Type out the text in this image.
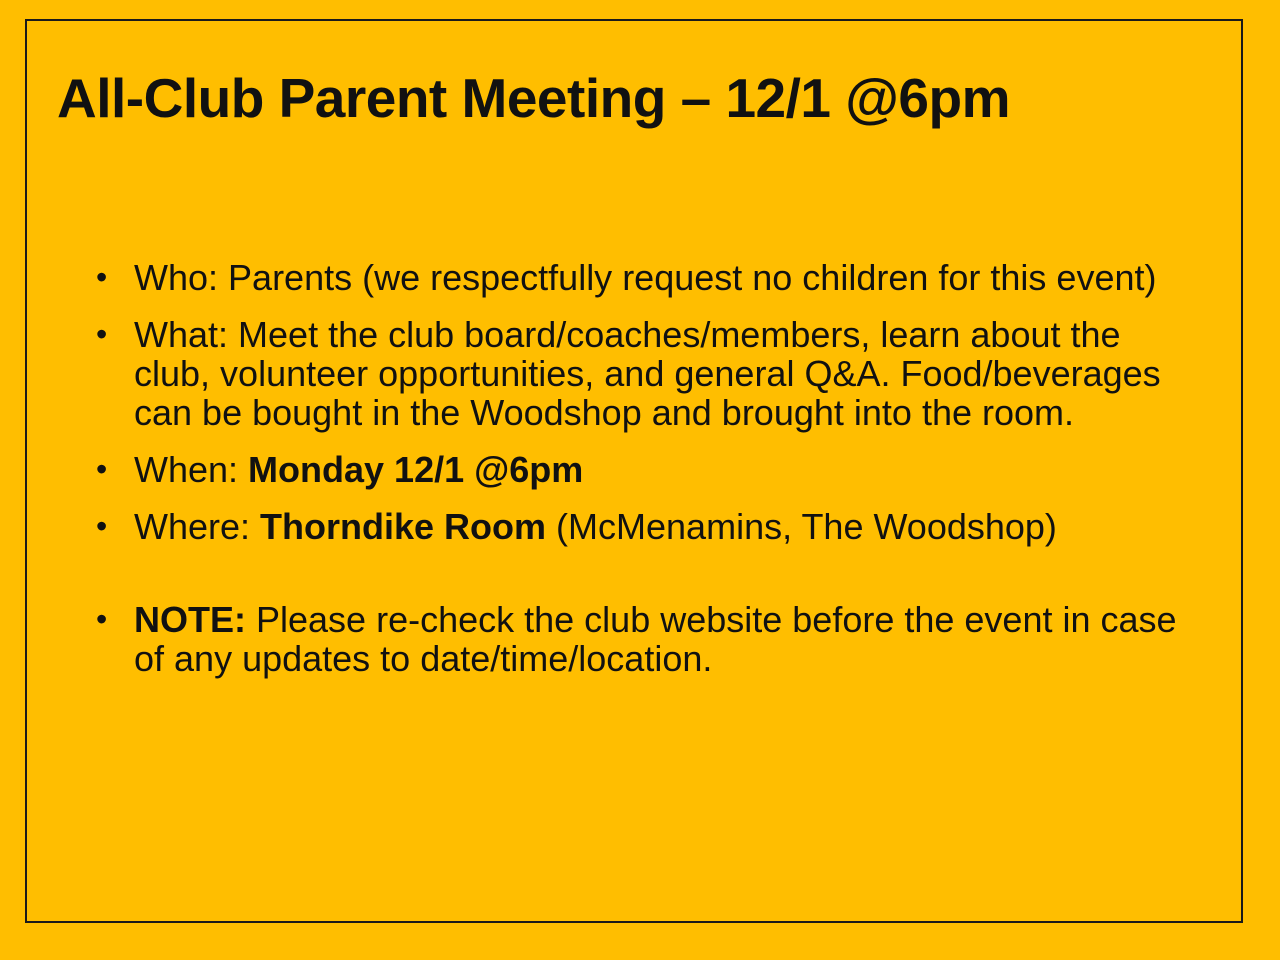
All-Club Parent Meeting – 12/1 @6pm
• Who: Parents (we respectfully request no children for this event)
• What: Meet the club board/coaches/members, learn about the club, volunteer opportunities, and general Q&A. Food/beverages can be bought in the Woodshop and brought into the room.
• When: Monday 12/1 @6pm
• Where: Thorndike Room (McMenamins, The Woodshop)
• NOTE: Please re-check the club website before the event in case of any updates to date/time/location.
